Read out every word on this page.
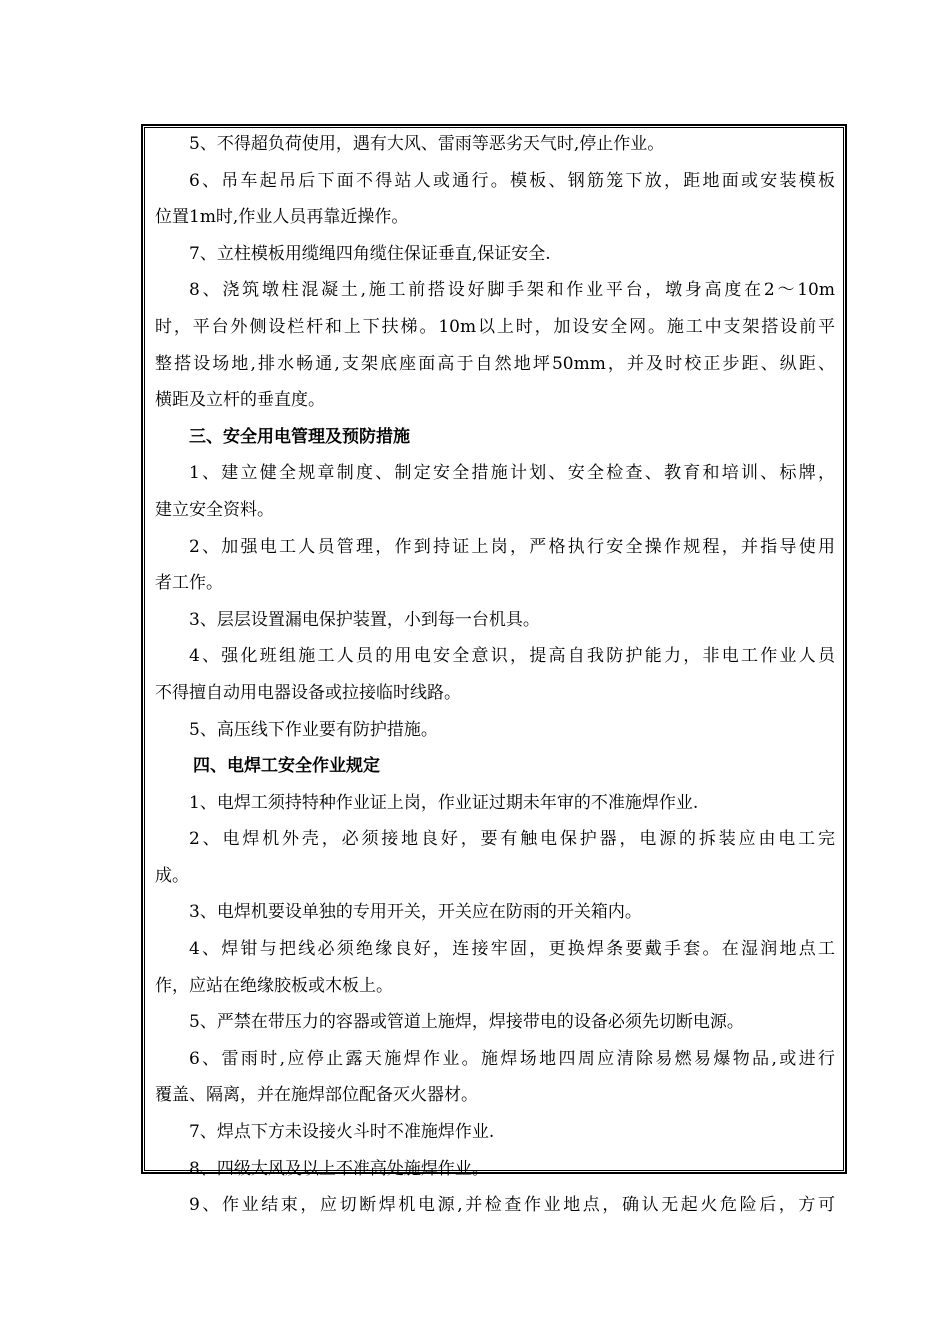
5、不得超负荷使用，遇有大风、雷雨等恶劣天气时,停止作业。
6、吊车起吊后下面不得站人或通行。模板、钢筋笼下放，距地面或安装模板
位置1m时,作业人员再靠近操作。
7、立柱模板用缆绳四角缆住保证垂直,保证安全.
8、浇筑墩柱混凝土,施工前搭设好脚手架和作业平台，墩身高度在2～10m
时，平台外侧设栏杆和上下扶梯。10m以上时，加设安全网。施工中支架搭设前平
整搭设场地,排水畅通,支架底座面高于自然地坪50mm，并及时校正步距、纵距、
横距及立杆的垂直度。
三、安全用电管理及预防措施
1、建立健全规章制度、制定安全措施计划、安全检查、教育和培训、标牌，
建立安全资料。
2、加强电工人员管理，作到持证上岗，严格执行安全操作规程，并指导使用
者工作。
3、层层设置漏电保护装置，小到每一台机具。
4、强化班组施工人员的用电安全意识，提高自我防护能力，非电工作业人员
不得擅自动用电器设备或拉接临时线路。
5、高压线下作业要有防护措施。
四、电焊工安全作业规定
1、电焊工须持特种作业证上岗，作业证过期未年审的不准施焊作业.
2、电焊机外壳，必须接地良好，要有触电保护器，电源的拆装应由电工完
成。
3、电焊机要设单独的专用开关，开关应在防雨的开关箱内。
4、焊钳与把线必须绝缘良好，连接牢固，更换焊条要戴手套。在湿润地点工
作，应站在绝缘胶板或木板上。
5、严禁在带压力的容器或管道上施焊，焊接带电的设备必须先切断电源。
6、雷雨时,应停止露天施焊作业。施焊场地四周应清除易燃易爆物品,或进行
覆盖、隔离，并在施焊部位配备灭火器材。
7、焊点下方未设接火斗时不准施焊作业.
8、四级大风及以上不准高处施焊作业。
9、作业结束，应切断焊机电源,并检查作业地点，确认无起火危险后，方可
